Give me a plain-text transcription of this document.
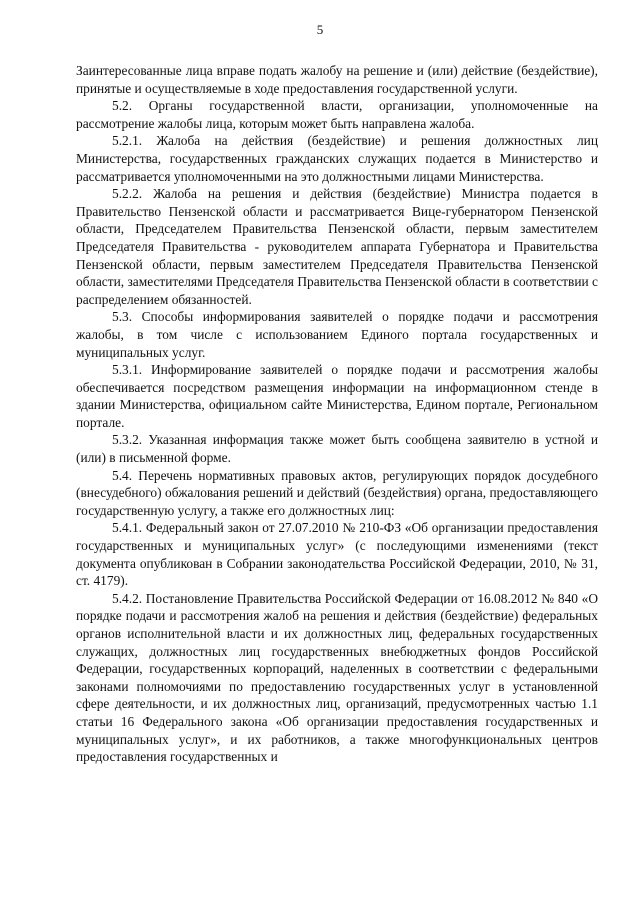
5

Заинтересованные лица вправе подать жалобу на решение и (или) действие (бездействие), принятые и осуществляемые в ходе предоставления государственной услуги.

5.2. Органы государственной власти, организации, уполномоченные на рассмотрение жалобы лица, которым может быть направлена жалоба.

5.2.1. Жалоба на действия (бездействие) и решения должностных лиц Министерства, государственных гражданских служащих подается в Министерство и рассматривается уполномоченными на это должностными лицами Министерства.

5.2.2. Жалоба на решения и действия (бездействие) Министра подается в Правительство Пензенской области и рассматривается Вице-губернатором Пензенской области, Председателем Правительства Пензенской области, первым заместителем Председателя Правительства - руководителем аппарата Губернатора и Правительства Пензенской области, первым заместителем Председателя Правительства Пензенской области, заместителями Председателя Правительства Пензенской области в соответствии с распределением обязанностей.

5.3. Способы информирования заявителей о порядке подачи и рассмотрения жалобы, в том числе с использованием Единого портала государственных и муниципальных услуг.

5.3.1. Информирование заявителей о порядке подачи и рассмотрения жалобы обеспечивается посредством размещения информации на информационном стенде в здании Министерства, официальном сайте Министерства, Едином портале, Региональном портале.

5.3.2. Указанная информация также может быть сообщена заявителю в устной и (или) в письменной форме.

5.4. Перечень нормативных правовых актов, регулирующих порядок досудебного (внесудебного) обжалования решений и действий (бездействия) органа, предоставляющего государственную услугу, а также его должностных лиц:

5.4.1. Федеральный закон от 27.07.2010 № 210-ФЗ «Об организации предоставления государственных и муниципальных услуг» (с последующими изменениями (текст документа опубликован в Собрании законодательства Российской Федерации, 2010, № 31, ст. 4179).

5.4.2. Постановление Правительства Российской Федерации от 16.08.2012 № 840 «О порядке подачи и рассмотрения жалоб на решения и действия (бездействие) федеральных органов исполнительной власти и их должностных лиц, федеральных государственных служащих, должностных лиц государственных внебюджетных фондов Российской Федерации, государственных корпораций, наделенных в соответствии с федеральными законами полномочиями по предоставлению государственных услуг в установленной сфере деятельности, и их должностных лиц, организаций, предусмотренных частью 1.1 статьи 16 Федерального закона «Об организации предоставления государственных и муниципальных услуг», и их работников, а также многофункциональных центров предоставления государственных и
